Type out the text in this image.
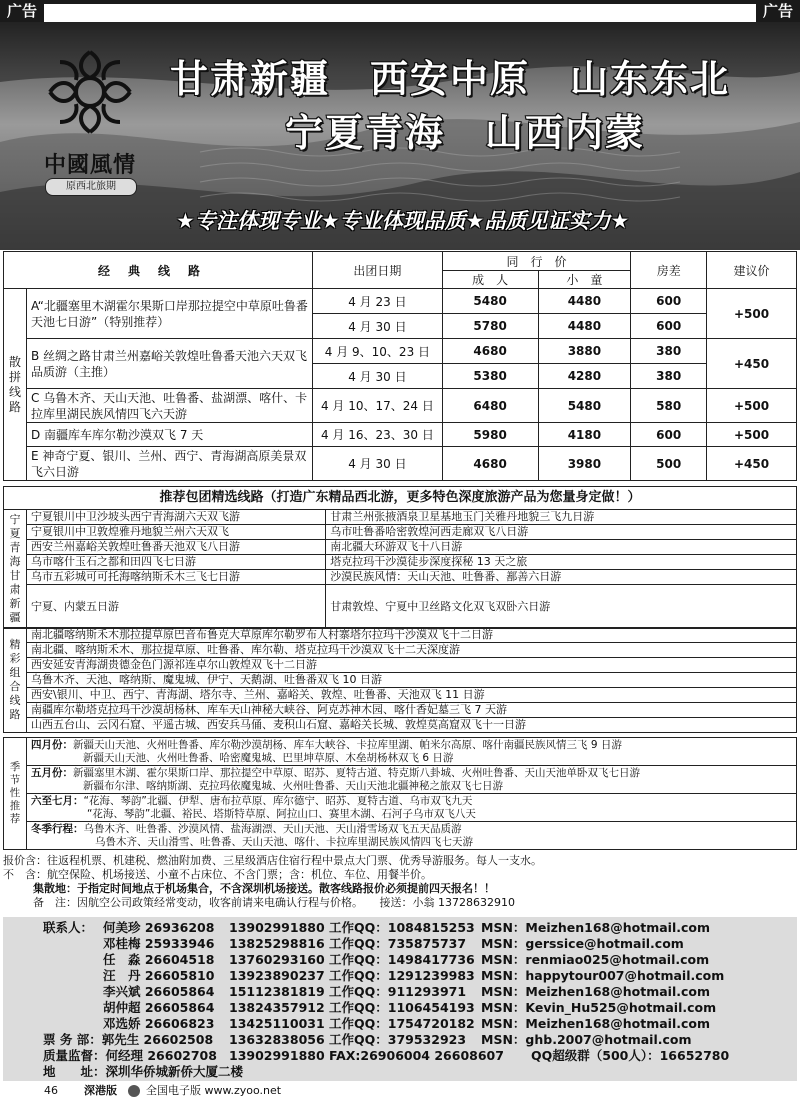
广告	广告
中國風情
原西北旅期
甘肃新疆　西安中原　山东东北
宁夏青海　山西内蒙
★专注体现专业★专业体现品质★品质见证实力★
经典线路		出团日期	同　行　价		房差	建议价
			成　人	小　童		
散拼线路	A“北疆塞里木湖霍尔果斯口岸那拉提空中草原吐鲁番天池七日游”（特别推荐）	4 月 23 日	5480	4480	600	+500
		4 月 30 日	5780	4480	600	
	B 丝绸之路甘肃兰州嘉峪关敦煌吐鲁番天池六天双飞品质游（主推）	4 月 9、10、23 日	4680	3880	380	+450
		4 月 30 日	5380	4280	380	
	C 乌鲁木齐、天山天池、吐鲁番、盐湖漂、喀什、卡拉库里湖民族风情四飞六天游	4 月 10、17、24 日	6480	5480	580	+500
	D 南疆库车库尔勒沙漠双飞 7 天	4 月 16、23、30 日	5980	4180	600	+500
	E 神奇宁夏、银川、兰州、西宁、青海湖高原美景双飞六日游	4 月 30 日	4680	3980	500	+450
推荐包团精选线路（打造广东精品西北游，更多特色深度旅游产品为您量身定做！）
宁夏青海甘肃新疆	宁夏银川中卫沙坡头西宁青海湖六天双飞游	甘肃兰州张掖酒泉卫星基地玉门关雅丹地貌三飞九日游
	宁夏银川中卫敦煌雅丹地貌兰州六天双飞	乌市吐鲁番哈密敦煌河西走廊双飞八日游
	西安兰州嘉峪关敦煌吐鲁番天池双飞八日游	南北疆大环游双飞十八日游
	乌市喀什玉石之都和田四飞七日游	塔克拉玛干沙漠徒步深度探秘 13 天之旅
	乌市五彩城可可托海喀纳斯禾木三飞七日游	沙漠民族风情：天山天池、吐鲁番、鄯善六日游
	宁夏、内蒙五日游	甘肃敦煌、宁夏中卫丝路文化双飞双卧六日游
精彩组合线路	南北疆喀纳斯禾木那拉提草原巴音布鲁克大草原库尔勒罗布人村寨塔尔拉玛干沙漠双飞十二日游
南北疆、喀纳斯禾木、那拉提草原、吐鲁番、库尔勒、塔克拉玛干沙漠双飞十二天深度游
西安延安青海湖贵德金色门源祁连卓尔山敦煌双飞十二日游
乌鲁木齐、天池、喀纳斯、魔鬼城、伊宁、天鹅湖、吐鲁番双飞 10 日游
西安\银川、中卫、西宁、青海湖、塔尔寺、兰州、嘉峪关、敦煌、吐鲁番、天池双飞 11 日游
南疆库尔勒塔克拉玛干沙漠胡杨林、库车天山神秘大峡谷、阿克苏神木园、喀什香妃墓三飞 7 天游
山西五台山、云冈石窟、平遥古城、西安兵马俑、麦积山石窟、嘉峪关长城、敦煌莫高窟双飞十一日游
季节性推荐	四月份：新疆天山天池、火州吐鲁番、库尔勒沙漠胡杨、库车大峡谷、卡拉库里湖、帕米尔高原、喀什南疆民族风情三飞 9 日游
新疆天山天池、火州吐鲁番、哈密魔鬼城、巴里坤草原、木垒胡杨林双飞 6 日游
五月份：新疆塞里木湖、霍尔果斯口岸、那拉提空中草原、昭苏、夏特古道、特克斯八卦城、火州吐鲁番、天山天池单卧双飞七日游
新疆布尔津、喀纳斯湖、克拉玛依魔鬼城、火州吐鲁番、天山天池北疆神秘之旅双飞七日游
六至七月：“花海、琴韵”北疆、伊犁、唐布拉草原、库尔德宁、昭苏、夏特古道、乌市双飞九天
“花海、琴韵”北疆、裕民、塔斯特草原、阿拉山口、赛里木湖、石河子乌市双飞八天
冬季行程：乌鲁木齐、吐鲁番、沙漠风情、盐海湖漂、天山天池、天山滑雪场双飞五天品质游
乌鲁木齐、天山滑雪、吐鲁番、天山天池、喀什、卡拉库里湖民族风情四飞七天游
报价含：往返程机票、机建税、燃油附加费、三星级酒店住宿行程中景点大门票、优秀导游服务。每人一支水。
不　含：航空保险、机场接送、小童不占床位、不含门票；含：机位、车位、用餐半价。
集散地：于指定时间地点于机场集合，不含深圳机场接送。散客线路报价必须提前四天报名！！
备　注：因航空公司政策经常变动，收客前请来电确认行程与价格。　　接送：小翁 13728632910
联系人： 何美珍 26936208 13902991880 工作QQ：1084815253 MSN：Meizhen168@hotmail.com
邓桂梅 25933946 13825298816 工作QQ：735875737 MSN：gerssice@hotmail.com
任　淼 26604518 13760293160 工作QQ：1498417736 MSN：renmiao025@hotmail.com
汪　丹 26605810 13923890237 工作QQ：1291239983 MSN：happytour007@hotmail.com
李兴斌 26605864 15112381819 工作QQ：911293971 MSN：Meizhen168@hotmail.com
胡仲超 26605864 13824357912 工作QQ：1106454193 MSN：Kevin_Hu525@hotmail.com
邓选娇 26606823 13425110031 工作QQ：1754720182 MSN：Meizhen168@hotmail.com
票 务 部：郭先生 26602508 13632838056 工作QQ：379532923 MSN：ghb.2007@hotmail.com
质量监督：何经理 26602708 13902991880 FAX:26906004 26608607 QQ超级群（500人）：16652780
地　　址：深圳华侨城新侨大厦二楼
46 深港版	全国电子版 www.zyoo.net
